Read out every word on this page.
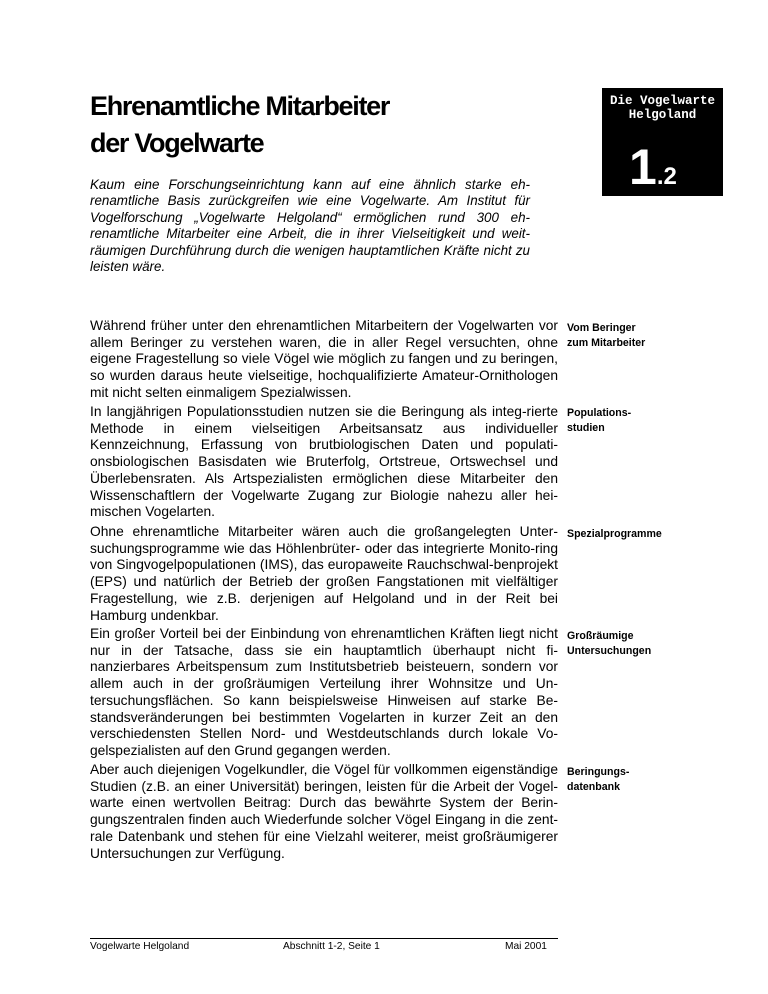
Ehrenamtliche Mitarbeiter
der Vogelwarte

Kaum eine Forschungseinrichtung kann auf eine ähnlich starke eh-renamtliche Basis zurückgreifen wie eine Vogelwarte. Am Institut für Vogelforschung „Vogelwarte Helgoland“ ermöglichen rund 300 eh-renamtliche Mitarbeiter eine Arbeit, die in ihrer Vielseitigkeit und weit-räumigen Durchführung durch die wenigen hauptamtlichen Kräfte nicht zu leisten wäre.

Die Vogelwarte
Helgoland
1.2

Während früher unter den ehrenamtlichen Mitarbeitern der Vogelwarten vor allem Beringer zu verstehen waren, die in aller Regel versuchten, ohne eigene Fragestellung so viele Vögel wie möglich zu fangen und zu beringen, so wurden daraus heute vielseitige, hochqualifizierte Amateur-Ornithologen mit nicht selten einmaligem Spezialwissen.

Vom Beringer
zum Mitarbeiter

In langjährigen Populationsstudien nutzen sie die Beringung als integ-rierte Methode in einem vielseitigen Arbeitsansatz aus individueller Kennzeichnung, Erfassung von brutbiologischen Daten und populati-onsbiologischen Basisdaten wie Bruterfolg, Ortstreue, Ortswechsel und Überlebensraten. Als Artspezialisten ermöglichen diese Mitarbeiter den Wissenschaftlern der Vogelwarte Zugang zur Biologie nahezu aller hei-mischen Vogelarten.

Populations-
studien

Ohne ehrenamtliche Mitarbeiter wären auch die großangelegten Unter-suchungsprogramme wie das Höhlenbrüter- oder das integrierte Monito-ring von Singvogelpopulationen (IMS), das europaweite Rauchschwal-benprojekt (EPS) und natürlich der Betrieb der großen Fangstationen mit vielfältiger Fragestellung, wie z.B. derjenigen auf Helgoland und in der Reit bei Hamburg undenkbar.

Spezialprogramme

Ein großer Vorteil bei der Einbindung von ehrenamtlichen Kräften liegt nicht nur in der Tatsache, dass sie ein hauptamtlich überhaupt nicht fi-nanzierbares Arbeitspensum zum Institutsbetrieb beisteuern, sondern vor allem auch in der großräumigen Verteilung ihrer Wohnsitze und Un-tersuchungsflächen. So kann beispielsweise Hinweisen auf starke Be-standsveränderungen bei bestimmten Vogelarten in kurzer Zeit an den verschiedensten Stellen Nord- und Westdeutschlands durch lokale Vo-gelspezialisten auf den Grund gegangen werden.

Großräumige
Untersuchungen

Aber auch diejenigen Vogelkundler, die Vögel für vollkommen eigenständige Studien (z.B. an einer Universität) beringen, leisten für die Arbeit der Vogel-warte einen wertvollen Beitrag: Durch das bewährte System der Berin-gungszentralen finden auch Wiederfunde solcher Vögel Eingang in die zent-rale Datenbank und stehen für eine Vielzahl weiterer, meist großräumigerer Untersuchungen zur Verfügung.

Beringungs-
datenbank
Vogelwarte Helgoland	Abschnitt 1-2, Seite 1	Mai 2001
